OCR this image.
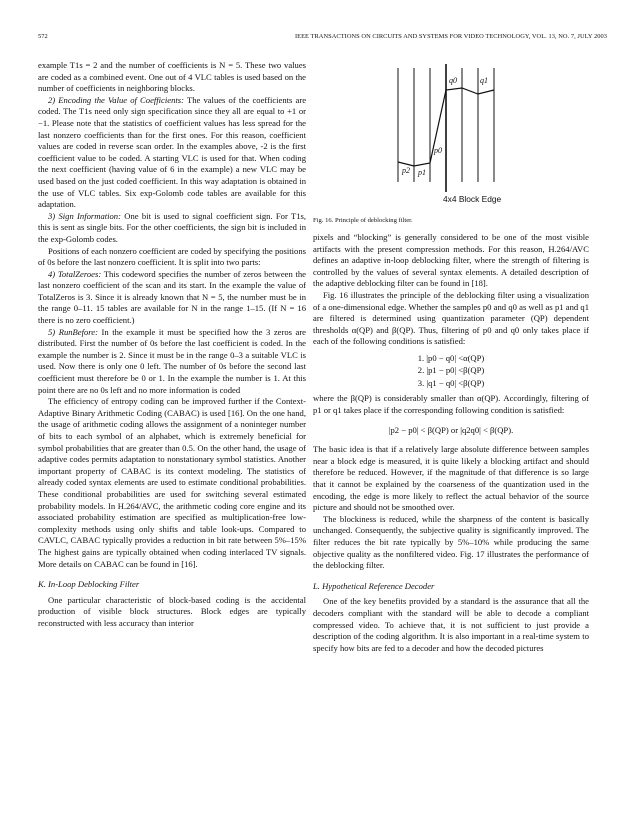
572	IEEE TRANSACTIONS ON CIRCUITS AND SYSTEMS FOR VIDEO TECHNOLOGY, VOL. 13, NO. 7, JULY 2003

example T1s = 2 and the number of coefficients is N = 5. These two values are coded as a combined event. One out of 4 VLC tables is used based on the number of coefficients in neighboring blocks.

2) Encoding the Value of Coefficients: The values of the coefficients are coded. The T1s need only sign specification since they all are equal to +1 or −1. Please note that the statistics of coefficient values has less spread for the last nonzero coefficients than for the first ones. For this reason, coefficient values are coded in reverse scan order. In the examples above, -2 is the first coefficient value to be coded. A starting VLC is used for that. When coding the next coefficient (having value of 6 in the example) a new VLC may be used based on the just coded coefficient. In this way adaptation is obtained in the use of VLC tables. Six exp-Golomb code tables are available for this adaptation.

3) Sign Information: One bit is used to signal coefficient sign. For T1s, this is sent as single bits. For the other coefficients, the sign bit is included in the exp-Golomb codes.

Positions of each nonzero coefficient are coded by specifying the positions of 0s before the last nonzero coefficient. It is split into two parts:

4) TotalZeroes: This codeword specifies the number of zeros between the last nonzero coefficient of the scan and its start. In the example the value of TotalZeros is 3. Since it is already known that N = 5, the number must be in the range 0–11. 15 tables are available for N in the range 1–15. (If N = 16 there is no zero coefficient.)

5) RunBefore: In the example it must be specified how the 3 zeros are distributed. First the number of 0s before the last coefficient is coded. In the example the number is 2. Since it must be in the range 0–3 a suitable VLC is used. Now there is only one 0 left. The number of 0s before the second last coefficient must therefore be 0 or 1. In the example the number is 1. At this point there are no 0s left and no more information is coded

The efficiency of entropy coding can be improved further if the Context-Adaptive Binary Arithmetic Coding (CABAC) is used [16]. On the one hand, the usage of arithmetic coding allows the assignment of a noninteger number of bits to each symbol of an alphabet, which is extremely beneficial for symbol probabilities that are greater than 0.5. On the other hand, the usage of adaptive codes permits adaptation to nonstationary symbol statistics. Another important property of CABAC is its context modeling. The statistics of already coded syntax elements are used to estimate conditional probabilities. These conditional probabilities are used for switching several estimated probability models. In H.264/AVC, the arithmetic coding core engine and its associated probability estimation are specified as multiplication-free low-complexity methods using only shifts and table look-ups. Compared to CAVLC, CABAC typically provides a reduction in bit rate between 5%–15% The highest gains are typically obtained when coding interlaced TV signals. More details on CABAC can be found in [16].

K. In-Loop Deblocking Filter

One particular characteristic of block-based coding is the accidental production of visible block structures. Block edges are typically reconstructed with less accuracy than interior

q0	q1
p0
p1
p2
4x4 Block Edge
Fig. 16. Principle of deblocking filter.

pixels and “blocking” is generally considered to be one of the most visible artifacts with the present compression methods. For this reason, H.264/AVC defines an adaptive in-loop deblocking filter, where the strength of filtering is controlled by the values of several syntax elements. A detailed description of the adaptive deblocking filter can be found in [18].

Fig. 16 illustrates the principle of the deblocking filter using a visualization of a one-dimensional edge. Whether the samples p0 and q0 as well as p1 and q1 are filtered is determined using quantization parameter (QP) dependent thresholds α(QP) and β(QP). Thus, filtering of p0 and q0 only takes place if each of the following conditions is satisfied:

1. |p0 − q0| <α(QP)
2. |p1 − p0| <β(QP)
3. |q1 − q0| <β(QP)

where the β(QP) is considerably smaller than α(QP). Accordingly, filtering of p1 or q1 takes place if the corresponding following condition is satisfied:

|p2 − p0| < β(QP) or |q2q0| < β(QP).

The basic idea is that if a relatively large absolute difference between samples near a block edge is measured, it is quite likely a blocking artifact and should therefore be reduced. However, if the magnitude of that difference is so large that it cannot be explained by the coarseness of the quantization used in the encoding, the edge is more likely to reflect the actual behavior of the source picture and should not be smoothed over.

The blockiness is reduced, while the sharpness of the content is basically unchanged. Consequently, the subjective quality is significantly improved. The filter reduces the bit rate typically by 5%–10% while producing the same objective quality as the nonfiltered video. Fig. 17 illustrates the performance of the deblocking filter.

L. Hypothetical Reference Decoder

One of the key benefits provided by a standard is the assurance that all the decoders compliant with the standard will be able to decode a compliant compressed video. To achieve that, it is not sufficient to just provide a description of the coding algorithm. It is also important in a real-time system to specify how bits are fed to a decoder and how the decoded pictures
